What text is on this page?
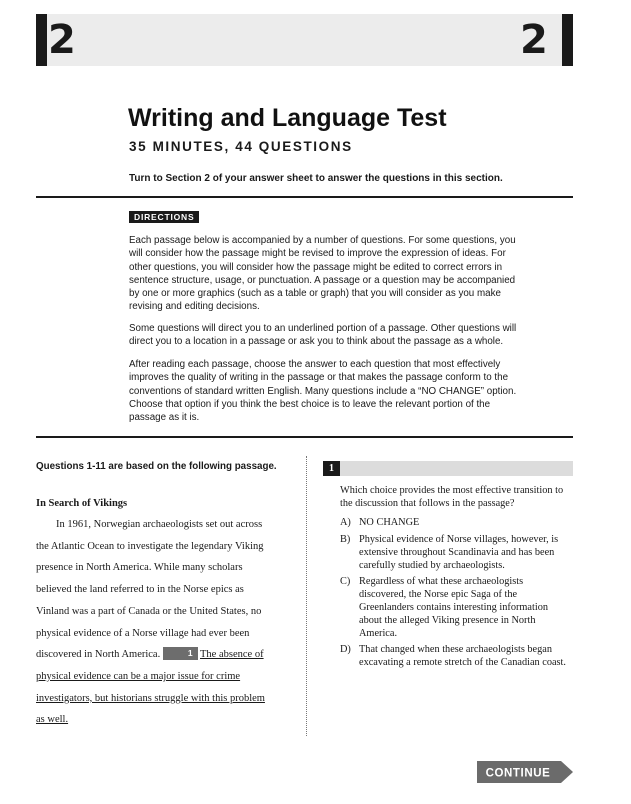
2	2
Writing and Language Test
35 MINUTES, 44 QUESTIONS
Turn to Section 2 of your answer sheet to answer the questions in this section.
DIRECTIONS

Each passage below is accompanied by a number of questions. For some questions, you will consider how the passage might be revised to improve the expression of ideas. For other questions, you will consider how the passage might be edited to correct errors in sentence structure, usage, or punctuation. A passage or a question may be accompanied by one or more graphics (such as a table or graph) that you will consider as you make revising and editing decisions.

Some questions will direct you to an underlined portion of a passage. Other questions will direct you to a location in a passage or ask you to think about the passage as a whole.

After reading each passage, choose the answer to each question that most effectively improves the quality of writing in the passage or that makes the passage conform to the conventions of standard written English. Many questions include a “NO CHANGE” option. Choose that option if you think the best choice is to leave the relevant portion of the passage as it is.

Questions 1-11 are based on the following passage.
In Search of Vikings

In 1961, Norwegian archaeologists set out across the Atlantic Ocean to investigate the legendary Viking presence in North America. While many scholars believed the land referred to in the Norse epics as Vinland was a part of Canada or the United States, no physical evidence of a Norse village had ever been discovered in North America.	1 The absence of physical evidence can be a major issue for crime investigators, but historians struggle with this problem as well.

1

Which choice provides the most effective transition to the discussion that follows in the passage?

A) NO CHANGE
B) Physical evidence of Norse villages, however, is extensive throughout Scandinavia and has been carefully studied by archaeologists.
C) Regardless of what these archaeologists discovered, the Norse epic Saga of the Greenlanders contains interesting information about the alleged Viking presence in North America.
D) That changed when these archaeologists began excavating a remote stretch of the Canadian coast.
CONTINUE
